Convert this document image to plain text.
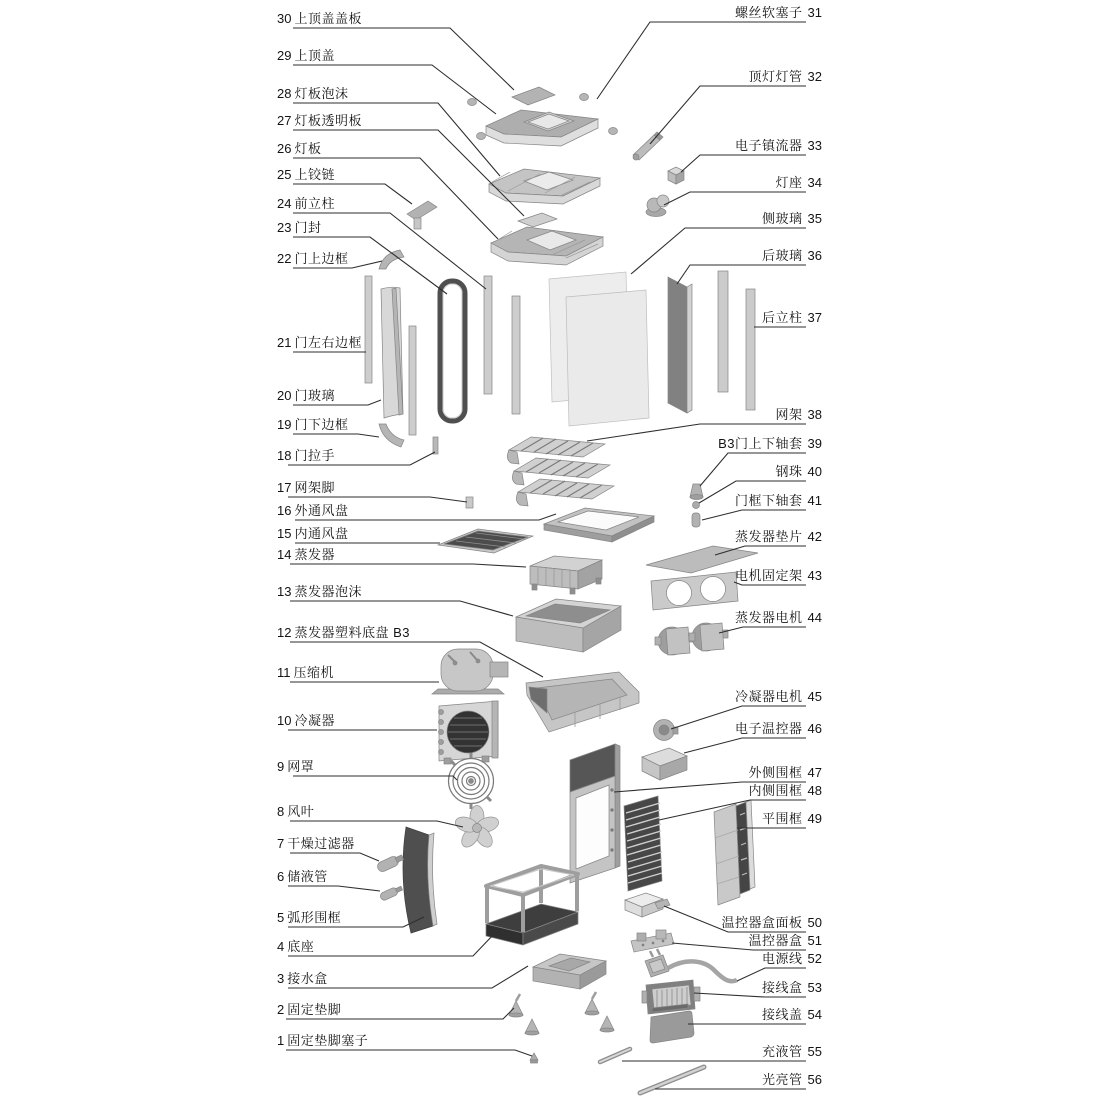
30 上顶盖盖板
29 上顶盖
28 灯板泡沫
27 灯板透明板
26 灯板
25 上铰链
24 前立柱
23 门封
22 门上边框
21 门左右边框
20 门玻璃
19 门下边框
18 门拉手
17 网架脚
16 外通风盘
15 内通风盘
14 蒸发器
13 蒸发器泡沫
12 蒸发器塑料底盘 B3
11 压缩机
10 冷凝器
9 网罩
8 风叶
7 干燥过滤器
6 储液管
5 弧形围框
4 底座
3 接水盒
2 固定垫脚
1 固定垫脚塞子
螺丝软塞子 31
顶灯灯管 32
电子镇流器 33
灯座 34
侧玻璃 35
后玻璃 36
后立柱 37
网架 38
B3门上下轴套 39
钢珠 40
门框下轴套 41
蒸发器垫片 42
电机固定架 43
蒸发器电机 44
冷凝器电机 45
电子温控器 46
外侧围框 47
内侧围框 48
平围框 49
温控器盒面板 50
温控器盒 51
电源线 52
接线盒 53
接线盖 54
充液管 55
光亮管 56
